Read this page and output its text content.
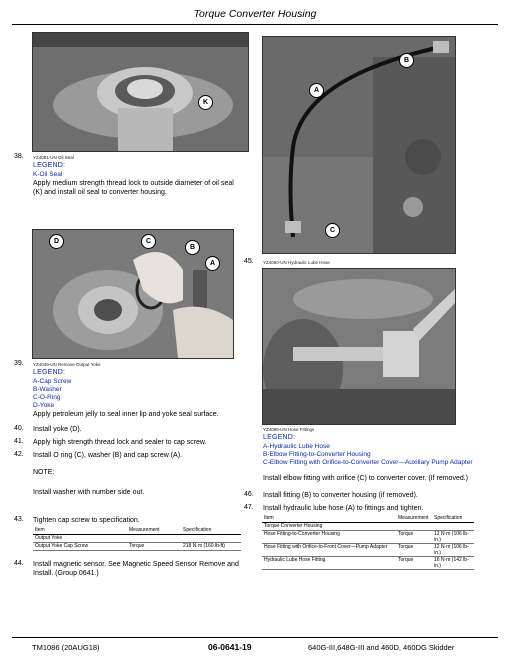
Torque Converter Housing
K
38. YZ4081-UN Oil Seal
LEGEND:
K-Oil Seal
Apply medium strength thread lock to outside diameter of oil seal (K) and install oil seal to converter housing.
D	C
B
A
39. YZ4049-UN Remove Output Yoke
LEGEND:
A-Cap Screw
B-Washer
C-O-Ring
D-Yoke
Apply petroleum jelly to seal inner lip and yoke seal surface.
40. Install yoke (D).
41. Apply high strength thread lock and sealer to cap screw.
42. Install O ring (C), washer (B) and cap screw (A).
NOTE:
Install washer with number side out.
43. Tighten cap screw to specification.
Item	Measurement	Specification
Output Yoke		
Output Yoke Cap Screw	Torque	218 N·m (160 lb-ft)
44. Install magnetic sensor. See Magnetic Speed Sensor Remove and Install. (Group 0641.)
B
A
C
45. YZ4050-UN Hydraulic Lube Hose
YZ4095-UN Hose Fittings
LEGEND:
A-Hydraulic Lube Hose
B-Elbow Fitting-to-Converter Housing
C-Elbow Fitting with Orifice-to-Converter Cover—Auxiliary Pump Adapter
Install elbow fitting with orifice (C) to converter cover. (If removed.)
46. Install fitting (B) to converter housing (if removed).
47. Install hydraulic lube hose (A) to fittings and tighten.
Item	Measurement	Specification
Torque Converter Housing		
Hose Fitting-to-Converter Housing	Torque	12 N·m (106 lb-in.)
Hose Fitting with Orifice-to-Front Cover—Pump Adapter	Torque	12 N·m (106 lb-in.)
Hydraulic Lube Hose Fitting	Torque	16 N·m (142 lb-in.)
TM1086 (20AUG18)	06-0641-19	640G-III,648G-III and 460D, 460DG Skidder
